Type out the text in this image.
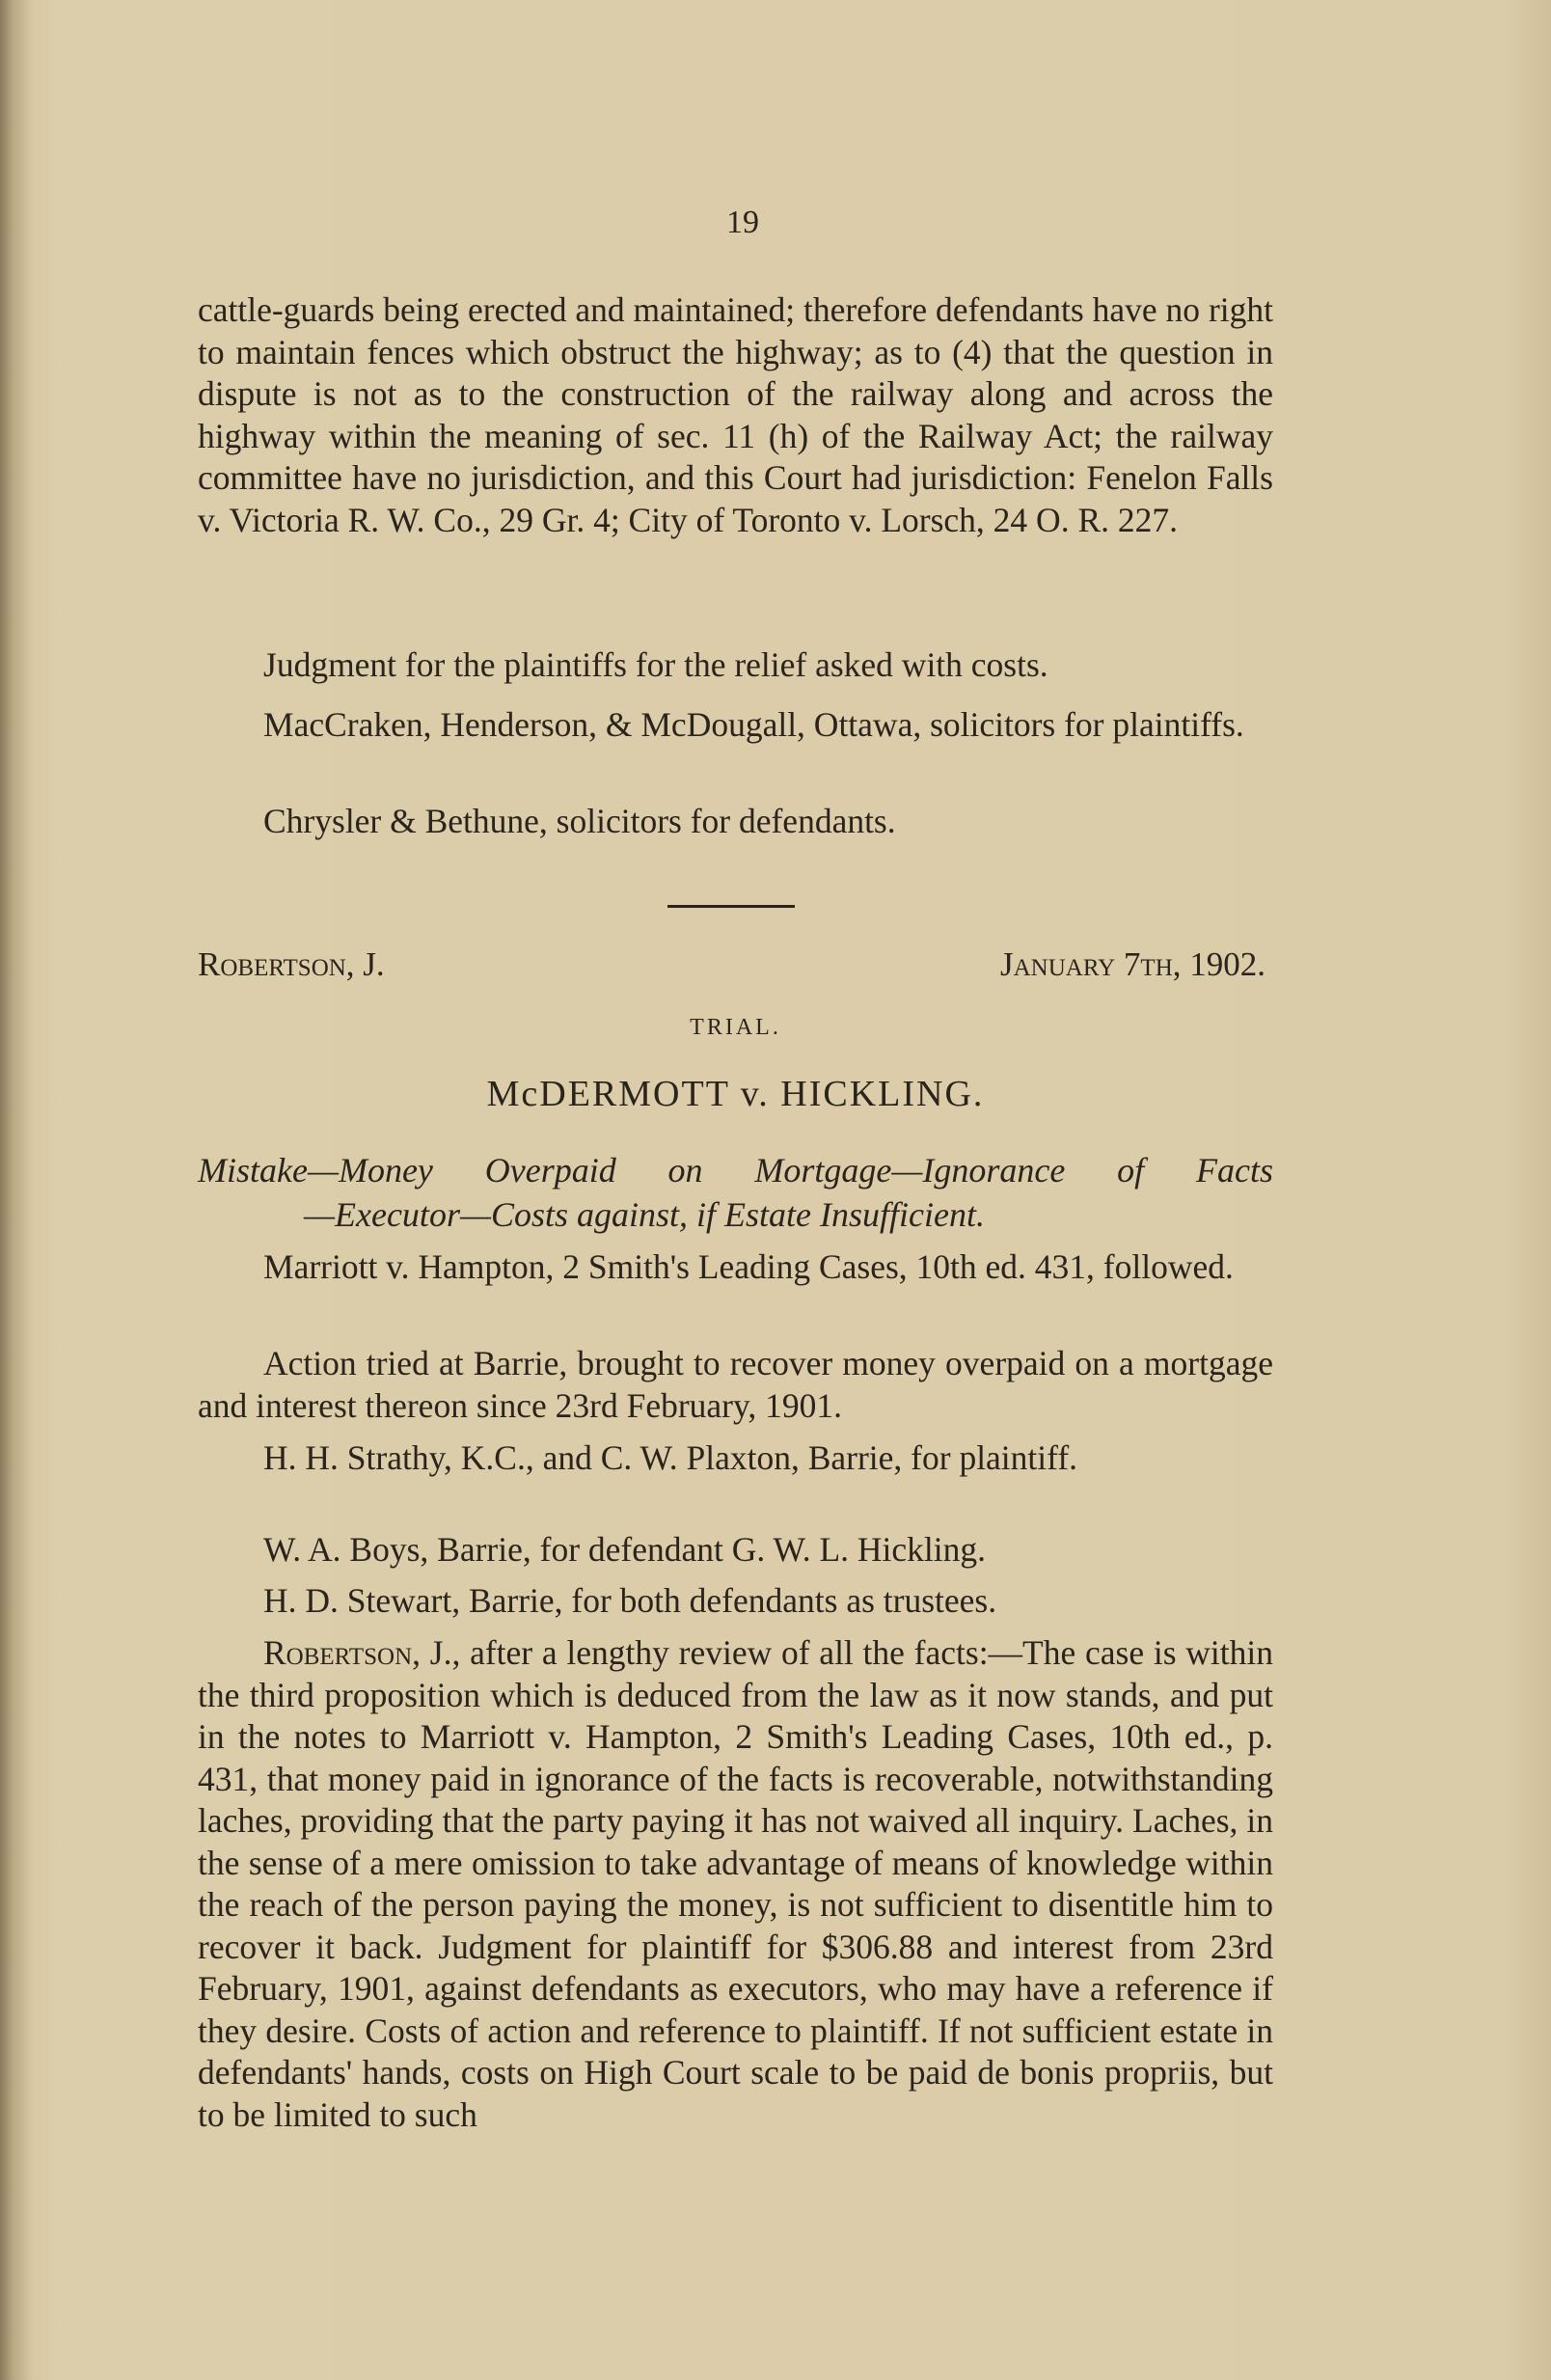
19

cattle-guards being erected and maintained; therefore defendants have no right to maintain fences which obstruct the highway; as to (4) that the question in dispute is not as to the construction of the railway along and across the highway within the meaning of sec. 11 (h) of the Railway Act; the railway committee have no jurisdiction, and this Court had jurisdiction: Fenelon Falls v. Victoria R. W. Co., 29 Gr. 4; City of Toronto v. Lorsch, 24 O. R. 227.

Judgment for the plaintiffs for the relief asked with costs.

MacCraken, Henderson, & McDougall, Ottawa, solicitors for plaintiffs.

Chrysler & Bethune, solicitors for defendants.

Robertson, J.	January 7th, 1902.
TRIAL.
McDERMOTT v. HICKLING.
Mistake—Money Overpaid on Mortgage—Ignorance of Facts
—Executor—Costs against, if Estate Insufficient.

Marriott v. Hampton, 2 Smith's Leading Cases, 10th ed. 431, followed.

Action tried at Barrie, brought to recover money overpaid on a mortgage and interest thereon since 23rd February, 1901.

H. H. Strathy, K.C., and C. W. Plaxton, Barrie, for plaintiff.

W. A. Boys, Barrie, for defendant G. W. L. Hickling.

H. D. Stewart, Barrie, for both defendants as trustees.

Robertson, J., after a lengthy review of all the facts:—The case is within the third proposition which is deduced from the law as it now stands, and put in the notes to Marriott v. Hampton, 2 Smith's Leading Cases, 10th ed., p. 431, that money paid in ignorance of the facts is recoverable, notwithstanding laches, providing that the party paying it has not waived all inquiry. Laches, in the sense of a mere omission to take advantage of means of knowledge within the reach of the person paying the money, is not sufficient to disentitle him to recover it back. Judgment for plaintiff for $306.88 and interest from 23rd February, 1901, against defendants as executors, who may have a reference if they desire. Costs of action and reference to plaintiff. If not sufficient estate in defendants' hands, costs on High Court scale to be paid de bonis propriis, but to be limited to such
